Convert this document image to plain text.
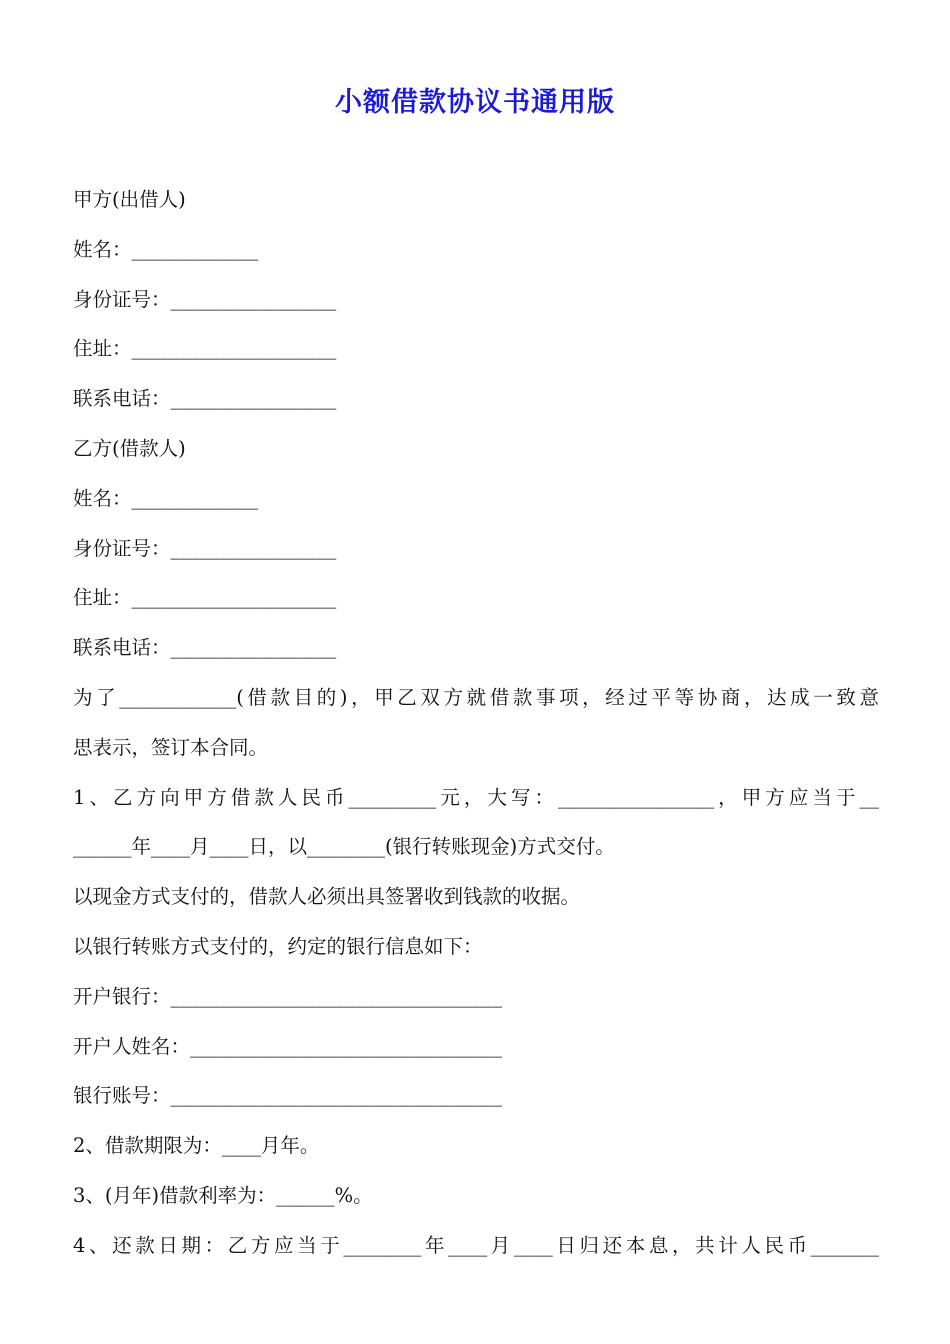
小额借款协议书通用版
甲方(出借人)
姓名：_____________
身份证号：_________________
住址：_____________________
联系电话：_________________
乙方(借款人)
姓名：_____________
身份证号：_________________
住址：_____________________
联系电话：_________________
为了____________(借款目的)，甲乙双方就借款事项，经过平等协商，达成一致意
思表示，签订本合同。
1、乙方向甲方借款人民币_________元，大写：________________，甲方应当于__
______年____月____日，以________(银行转账现金)方式交付。
以现金方式支付的，借款人必须出具签署收到钱款的收据。
以银行转账方式支付的，约定的银行信息如下：
开户银行：__________________________________
开户人姓名：________________________________
银行账号：__________________________________
2、借款期限为：____月年。
3、(月年)借款利率为：______%。
4、还款日期：乙方应当于________年____月____日归还本息，共计人民币_______
